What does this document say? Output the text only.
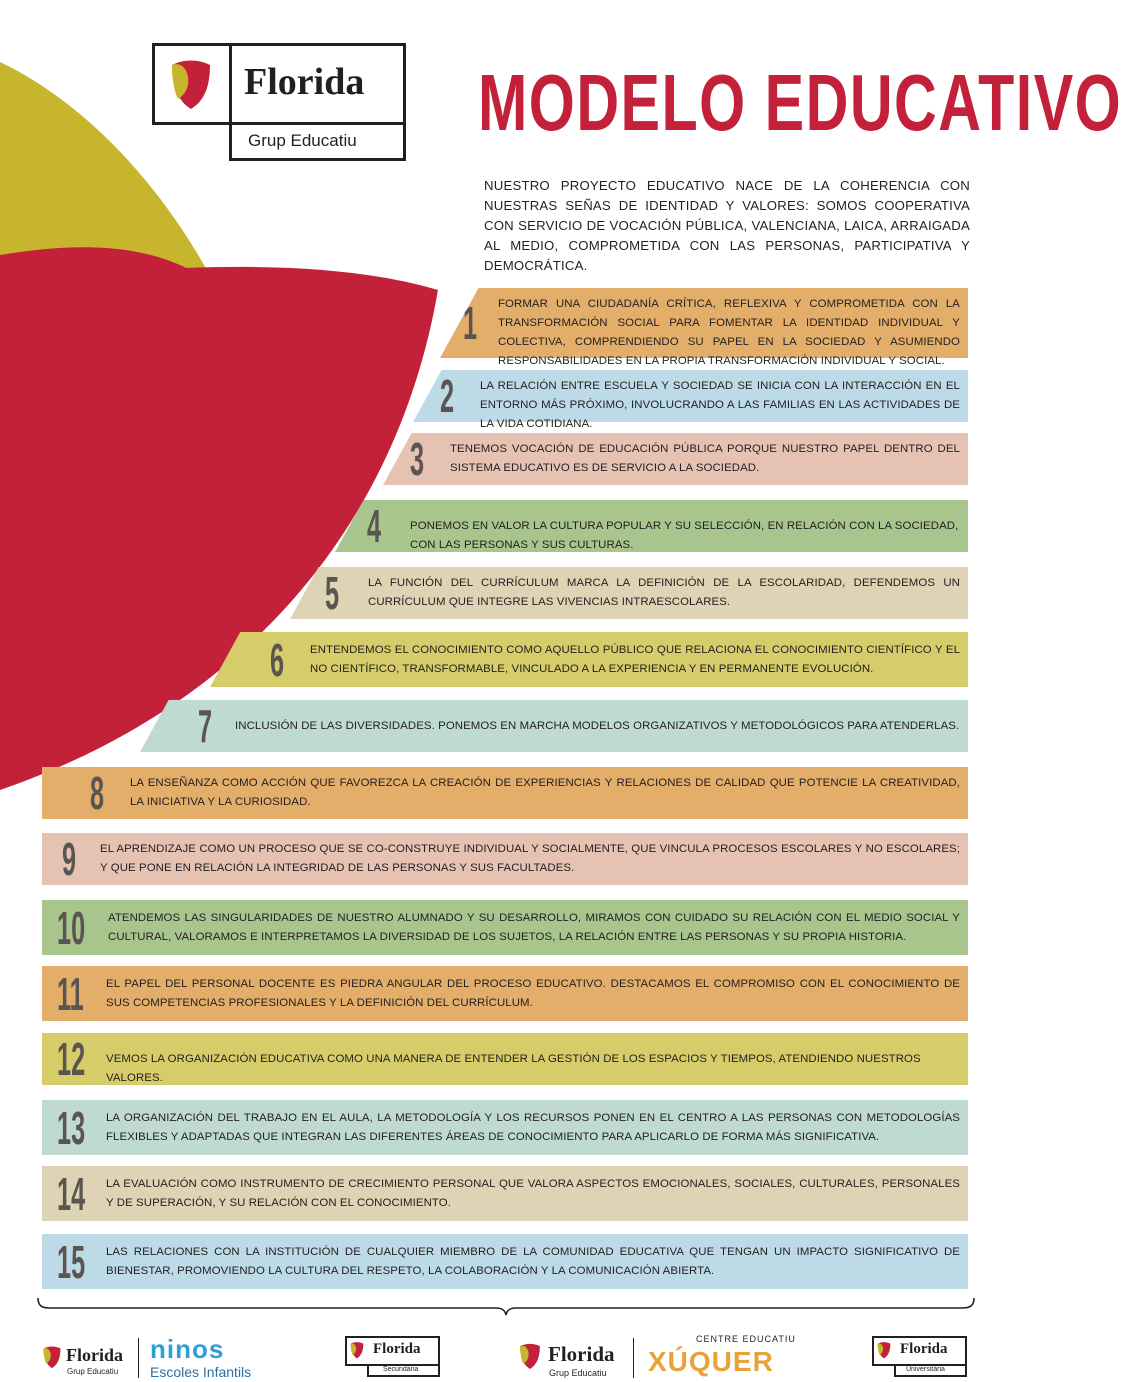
Florida
Grup Educatiu MODELO EDUCATIVO
NUESTRO PROYECTO EDUCATIVO NACE DE LA COHERENCIA CON NUESTRAS SEÑAS DE IDENTIDAD Y VALORES: SOMOS COOPERATIVA CON SERVICIO DE VOCACIÓN PÚBLICA, VALENCIANA, LAICA, ARRAIGADA AL MEDIO, COMPROMETIDA CON LAS PERSONAS, PARTICIPATIVA Y DEMOCRÁTICA.
1 FORMAR UNA CIUDADANÍA CRÍTICA, REFLEXIVA Y COMPROMETIDA CON LA TRANSFORMACIÓN SOCIAL PARA FOMENTAR LA IDENTIDAD INDIVIDUAL Y COLECTIVA, COMPRENDIENDO SU PAPEL EN LA SOCIEDAD Y ASUMIENDO RESPONSABILIDADES EN LA PROPIA TRANSFORMACIÓN INDIVIDUAL Y SOCIAL.
2 LA RELACIÓN ENTRE ESCUELA Y SOCIEDAD SE INICIA CON LA INTERACCIÓN EN EL ENTORNO MÁS PRÓXIMO, INVOLUCRANDO A LAS FAMILIAS EN LAS ACTIVIDADES DE LA VIDA COTIDIANA.
3 TENEMOS VOCACIÓN DE EDUCACIÓN PÚBLICA PORQUE NUESTRO PAPEL DENTRO DEL SISTEMA EDUCATIVO ES DE SERVICIO A LA SOCIEDAD.
4	PONEMOS EN VALOR LA CULTURA POPULAR Y SU SELECCIÓN, EN RELACIÓN CON LA SOCIEDAD, CON LAS PERSONAS Y SUS CULTURAS.
5	LA FUNCIÓN DEL CURRÍCULUM MARCA LA DEFINICIÓN DE LA ESCOLARIDAD, DEFENDEMOS UN CURRÍCULUM QUE INTEGRE LAS VIVENCIAS INTRAESCOLARES.
6 ENTENDEMOS EL CONOCIMIENTO COMO AQUELLO PÚBLICO QUE RELACIONA EL CONOCIMIENTO CIENTÍFICO Y EL NO CIENTÍFICO, TRANSFORMABLE, VINCULADO A LA EXPERIENCIA Y EN PERMANENTE EVOLUCIÓN.
7 INCLUSIÓN DE LAS DIVERSIDADES. PONEMOS EN MARCHA MODELOS ORGANIZATIVOS Y METODOLÓGICOS PARA ATENDERLAS.
8 LA ENSEÑANZA COMO ACCIÓN QUE FAVOREZCA LA CREACIÓN DE EXPERIENCIAS Y RELACIONES DE CALIDAD QUE POTENCIE LA CREATIVIDAD, LA INICIATIVA Y LA CURIOSIDAD.
9 EL APRENDIZAJE COMO UN PROCESO QUE SE CO-CONSTRUYE INDIVIDUAL Y SOCIALMENTE, QUE VINCULA PROCESOS ESCOLARES Y NO ESCOLARES; Y QUE PONE EN RELACIÓN LA INTEGRIDAD DE LAS PERSONAS Y SUS FACULTADES.
10 ATENDEMOS LAS SINGULARIDADES DE NUESTRO ALUMNADO Y SU DESARROLLO, MIRAMOS CON CUIDADO SU RELACIÓN CON EL MEDIO SOCIAL Y CULTURAL, VALORAMOS E INTERPRETAMOS LA DIVERSIDAD DE LOS SUJETOS, LA RELACIÓN ENTRE LAS PERSONAS Y SU PROPIA HISTORIA.
11 EL PAPEL DEL PERSONAL DOCENTE ES PIEDRA ANGULAR DEL PROCESO EDUCATIVO. DESTACAMOS EL COMPROMISO CON EL CONOCIMIENTO DE SUS COMPETENCIAS PROFESIONALES Y LA DEFINICIÓN DEL CURRÍCULUM.
12 VEMOS LA ORGANIZACIÓN EDUCATIVA COMO UNA MANERA DE ENTENDER LA GESTIÓN DE LOS ESPACIOS Y TIEMPOS, ATENDIENDO NUESTROS VALORES.
13 LA ORGANIZACIÓN DEL TRABAJO EN EL AULA, LA METODOLOGÍA Y LOS RECURSOS PONEN EN EL CENTRO A LAS PERSONAS CON METODOLOGÍAS FLEXIBLES Y ADAPTADAS QUE INTEGRAN LAS DIFERENTES ÁREAS DE CONOCIMIENTO PARA APLICARLO DE FORMA MÁS SIGNIFICATIVA.
14 LA EVALUACIÓN COMO INSTRUMENTO DE CRECIMIENTO PERSONAL QUE VALORA ASPECTOS EMOCIONALES, SOCIALES, CULTURALES, PERSONALES Y DE SUPERACIÓN, Y SU RELACIÓN CON EL CONOCIMIENTO.
15 LAS RELACIONES CON LA INSTITUCIÓN DE CUALQUIER MIEMBRO DE LA COMUNIDAD EDUCATIVA QUE TENGAN UN IMPACTO SIGNIFICATIVO DE BIENESTAR, PROMOVIENDO LA CULTURA DEL RESPETO, LA COLABORACIÓN Y LA COMUNICACIÓN ABIERTA.
Florida
Grup Educatiu
ninos
Escoles Infantils
Florida
Secundària
Florida
Grup Educatiu
CENTRE EDUCATIU
XÚQUER	Florida
Universitària
